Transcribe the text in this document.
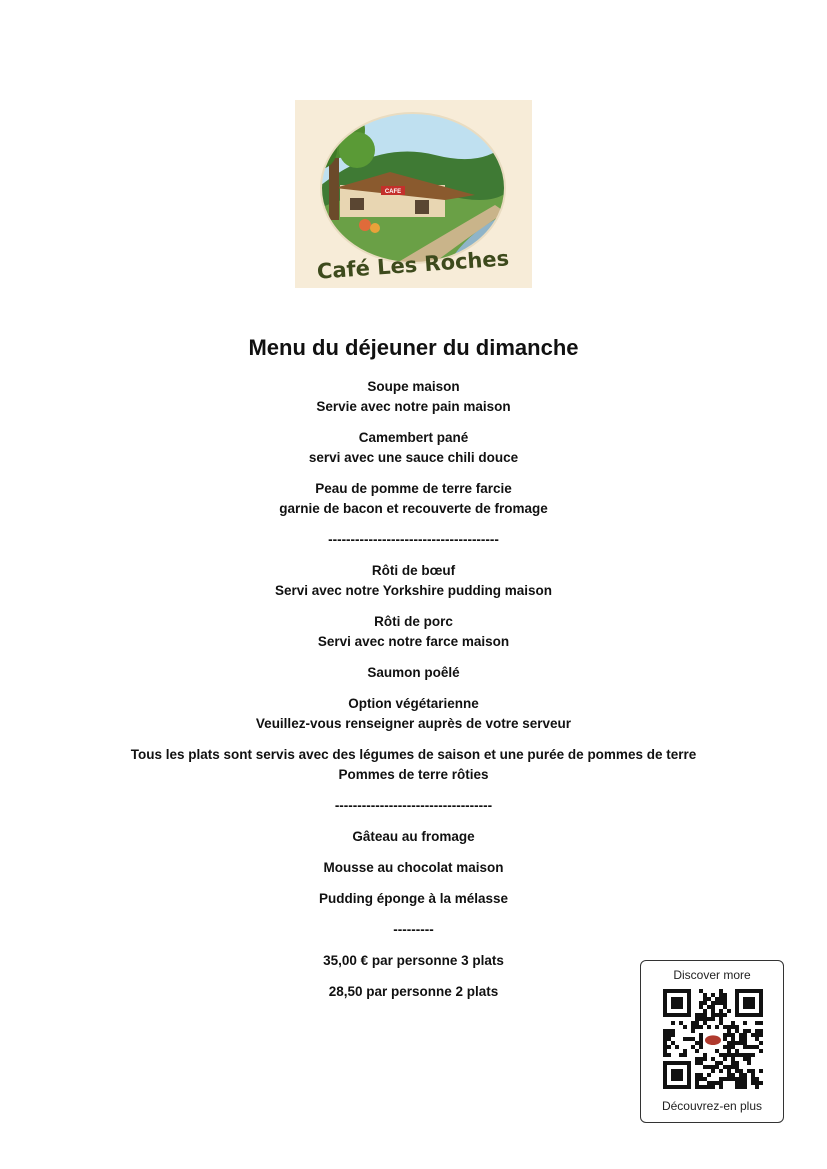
CAFE
Café Les Roches
Menu du déjeuner du dimanche
Soupe maison
Servie avec notre pain maison
Camembert pané
servi avec une sauce chili douce
Peau de pomme de terre farcie
garnie de bacon et recouverte de fromage
--------------------------------------
Rôti de bœuf
Servi avec notre Yorkshire pudding maison
Rôti de porc
Servi avec notre farce maison
Saumon poêlé
Option végétarienne
Veuillez-vous renseigner auprès de votre serveur
Tous les plats sont servis avec des légumes de saison et une purée de pommes de terre
Pommes de terre rôties
-----------------------------------
Gâteau au fromage
Mousse au chocolat maison
Pudding éponge à la mélasse
---------
35,00 € par personne 3 plats
28,50 par personne 2 plats
Discover more
Découvrez-en plus
